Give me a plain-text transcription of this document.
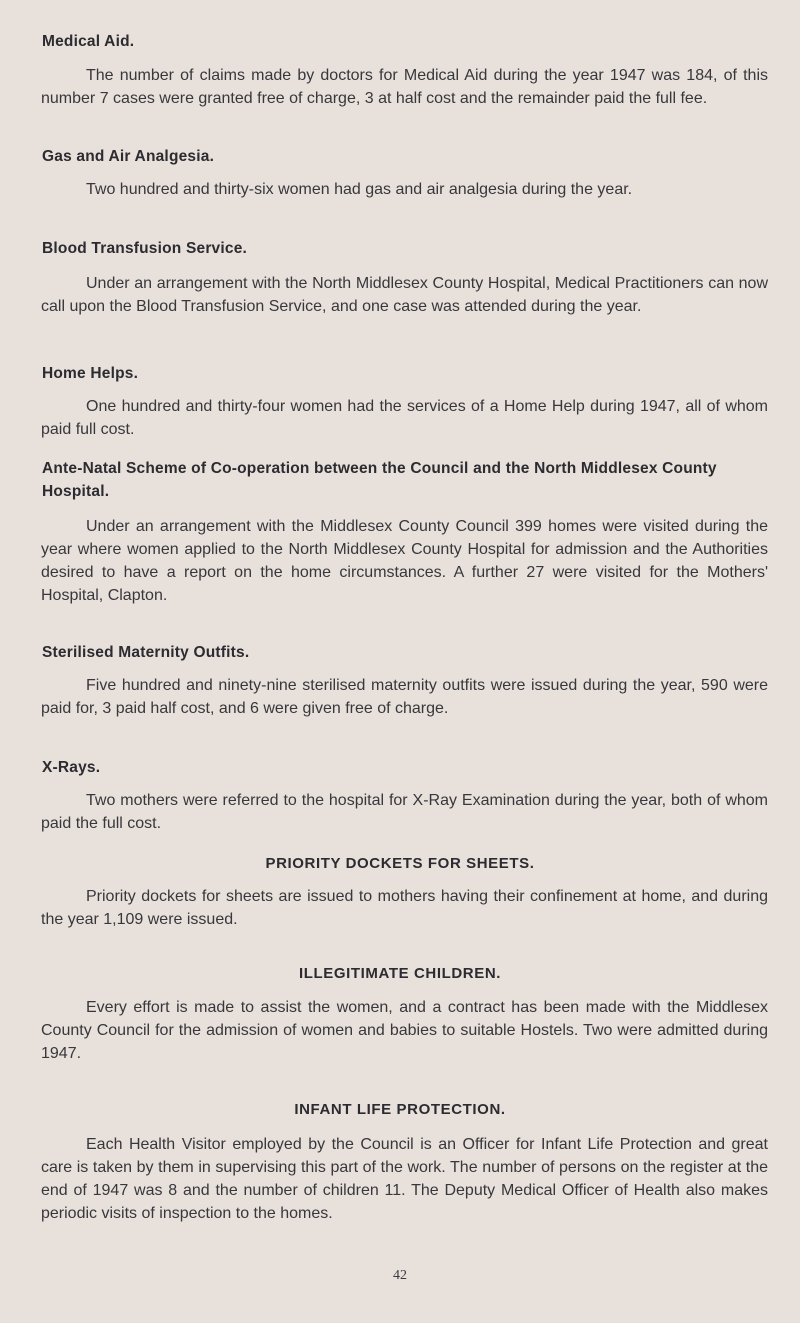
Medical Aid.

The number of claims made by doctors for Medical Aid during the year 1947 was 184, of this number 7 cases were granted free of charge, 3 at half cost and the remainder paid the full fee.

Gas and Air Analgesia.

Two hundred and thirty-six women had gas and air analgesia during the year.

Blood Transfusion Service.

Under an arrangement with the North Middlesex County Hospital, Medical Practitioners can now call upon the Blood Transfusion Service, and one case was attended during the year.

Home Helps.

One hundred and thirty-four women had the services of a Home Help during 1947, all of whom paid full cost.

Ante-Natal Scheme of Co-operation between the Council and the North Middlesex County Hospital.

Under an arrangement with the Middlesex County Council 399 homes were visited during the year where women applied to the North Middlesex County Hospital for admission and the Authorities desired to have a report on the home circumstances. A further 27 were visited for the Mothers' Hospital, Clapton.

Sterilised Maternity Outfits.

Five hundred and ninety-nine sterilised maternity outfits were issued during the year, 590 were paid for, 3 paid half cost, and 6 were given free of charge.

X-Rays.

Two mothers were referred to the hospital for X-Ray Examination during the year, both of whom paid the full cost.

PRIORITY DOCKETS FOR SHEETS.

Priority dockets for sheets are issued to mothers having their confinement at home, and during the year 1,109 were issued.

ILLEGITIMATE CHILDREN.

Every effort is made to assist the women, and a contract has been made with the Middlesex County Council for the admission of women and babies to suitable Hostels. Two were admitted during 1947.

INFANT LIFE PROTECTION.

Each Health Visitor employed by the Council is an Officer for Infant Life Protection and great care is taken by them in supervising this part of the work. The number of persons on the register at the end of 1947 was 8 and the number of children 11. The Deputy Medical Officer of Health also makes periodic visits of inspection to the homes.

42
